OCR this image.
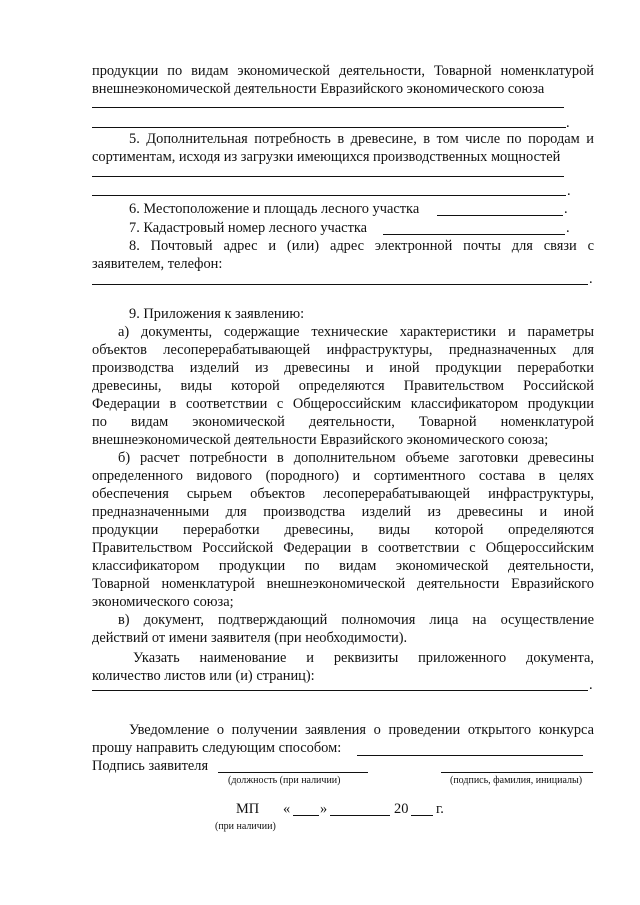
продукции по видам экономической деятельности, Товарной номенклатурой
внешнеэкономической деятельности Евразийского экономического союза
.
5. Дополнительная потребность в древесине, в том числе по породам и
сортиментам, исходя из загрузки имеющихся производственных мощностей
.
6. Местоположение и площадь лесного участка	.
7. Кадастровый номер лесного участка	.
8. Почтовый адрес и (или) адрес электронной почты для связи с
заявителем, телефон:
.
9. Приложения к заявлению:
а) документы, содержащие технические характеристики и параметры
объектов лесоперерабатывающей инфраструктуры, предназначенных для
производства изделий из древесины и иной продукции переработки
древесины, виды которой определяются Правительством Российской
Федерации в соответствии с Общероссийским классификатором продукции
по видам экономической деятельности, Товарной номенклатурой
внешнеэкономической деятельности Евразийского экономического союза;
б) расчет потребности в дополнительном объеме заготовки древесины
определенного видового (породного) и сортиментного состава в целях
обеспечения сырьем объектов лесоперерабатывающей инфраструктуры,
предназначенными для производства изделий из древесины и иной
продукции переработки древесины, виды которой определяются
Правительством Российской Федерации в соответствии с Общероссийским
классификатором продукции по видам экономической деятельности,
Товарной номенклатурой внешнеэкономической деятельности Евразийского
экономического союза;
в) документ, подтверждающий полномочия лица на осуществление
действий от имени заявителя (при необходимости).
Указать наименование и реквизиты приложенного документа,
количество листов или (и) страниц):
.
Уведомление о получении заявления о проведении открытого конкурса
прошу направить следующим способом:
Подпись заявителя
(должность (при наличии)	(подпись, фамилия, инициалы)
МП	«	»	20	г.
(при наличии)
